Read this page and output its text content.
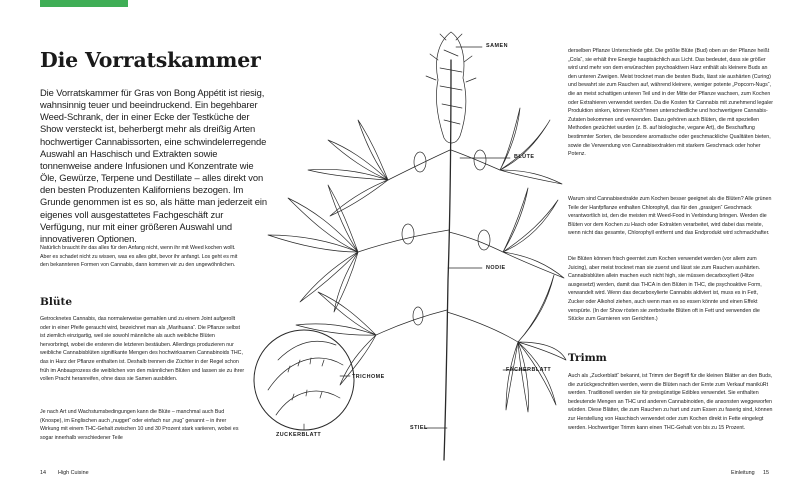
Die Vorratskammer

Die Vorratskammer für Gras von Bong Appétit ist riesig, wahnsinnig teuer und beeindruckend. Ein begehbarer Weed-Schrank, der in einer Ecke der Testküche der Show versteckt ist, beherbergt mehr als dreißig Arten hochwertiger Cannabissorten, eine schwindelerregende Auswahl an Haschisch und Extrakten sowie tonnenweise andere Infusionen und Konzentrate wie Öle, Gewürze, Terpene und Destillate – alles direkt von den besten Produzenten Kaliforniens bezogen. Im Grunde genommen ist es so, als hätte man jederzeit ein eigenes voll ausgestattetes Fachgeschäft zur Verfügung, nur mit einer größeren Auswahl und innovativeren Optionen.

Natürlich braucht ihr das alles für den Anfang nicht, wenn ihr mit Weed kochen wollt. Aber es schadet nicht zu wissen, was es alles gibt, bevor ihr anfangt. Los geht es mit den bekannteren Formen von Cannabis, dann kommen wir zu den ungewöhnlichen.

Blüte

Getrocknetes Cannabis, das normalerweise gemahlen und zu einem Joint aufgerollt oder in einer Pfeife geraucht wird, bezeichnet man als „Marihuana“. Die Pflanze selbst ist ziemlich einzigartig, weil sie sowohl männliche als auch weibliche Blüten hervorbringt, wobei die ersteren die letzteren bestäuben. Allerdings produzieren nur weibliche Cannabisblüten signifikante Mengen des hochwirksamen Cannabinoids THC, das in Harz der Pflanze enthalten ist. Deshalb trennen die Züchter in der Regel schon früh im Anbauprozess die weiblichen von den männlichen Blüten und lassen sie zu ihrer vollen Pracht heranreifen, ohne dass sie Samen ausbilden.

Je nach Art und Wachstumsbedingungen kann die Blüte – manchmal auch Bud (Knospe), im Englischen auch „nugget“ oder einfach nur „nug“ genannt – in ihrer Wirkung mit einem THC-Gehalt zwischen 10 und 30 Prozent stark variieren, wobei es sogar innerhalb verschiedener Teile

SAMEN
BLÜTE
NODIE
FÄCHERBLATT
TRICHOME
ZUCKERBLATT
STIEL

derselben Pflanze Unterschiede gibt. Die größte Blüte (Bud) oben an der Pflanze heißt „Cola“, sie erhält ihre Energie hauptsächlich aus Licht. Das bedeutet, dass sie größer wird und mehr von dem erwünschten psychoaktiven Harz enthält als kleinere Buds an den unteren Zweigen. Meist trocknet man die besten Buds, lässt sie aushärten (Curing) und bewahrt sie zum Rauchen auf, während kleinere, weniger potente „Popcorn-Nugs“, die an meist schattigen unteren Teil und in der Mitte der Pflanze wachsen, zum Kochen oder Extrahieren verwendet werden. Da die Kosten für Cannabis mit zunehmend legaler Produktion sinken, können Köch*innen unterschiedliche und hochwertigere Cannabis-Zutaten bekommen und verwenden. Dazu gehören auch Blüten, die mit speziellen Methoden gezüchtet wurden (z. B. auf biologische, vegane Art), die Beschaffung bestimmter Sorten, die besondere aromatische oder geschmackliche Qualitäten bieten, sowie die Verwendung von Cannabisextrakten mit starkem Geschmack oder hoher Potenz.

Warum sind Cannabisextrakte zum Kochen besser geeignet als die Blüten? Alle grünen Teile der Hanfpflanze enthalten Chlorophyll, das für den „grasigen“ Geschmack verantwortlich ist, den die meisten mit Weed-Food in Verbindung bringen. Werden die Blüten vor dem Kochen zu Hasch oder Extrakten verarbeitet, wird dabei das meiste, wenn nicht das gesamte, Chlorophyll entfernt und das Endprodukt wird schmackhafter.

Die Blüten können frisch geerntet zum Kochen verwendet werden (vor allem zum Juicing), aber meist trocknet man sie zuerst und lässt sie zum Rauchen aushärten. Cannabisblüten allein machen euch nicht high, sie müssen decarboxyliert (Hitze ausgesetzt) werden, damit das THCA in den Blüten in THC, die psychoaktive Form, verwandelt wird. Wenn das decarboxylierte Cannabis aktiviert ist, muss es in Fett, Zucker oder Alkohol ziehen, auch wenn man es so essen könnte und einen Effekt verspürte. (In der Show rösten sie zerbröselte Blüten oft in Fett und verwenden die Stücke zum Garnieren von Gerichten.)

Trimm

Auch als „Zuckerblatt“ bekannt, ist Trimm der Begriff für die kleinen Blätter an den Buds, die zurückgeschnitten werden, wenn die Blüten nach der Ernte zum Verkauf maniküRt werden. Traditionell werden sie für preisgünstige Edibles verwendet. Sie enthalten bedeutende Mengen an THC und anderen Cannabinoiden, die ansonsten weggeworfen würden. Diese Blätter, die zum Rauchen zu hart und zum Essen zu faserig sind, können zur Herstellung von Haschisch verwendet oder zum Kochen direkt in Fette eingelegt werden. Hochwertiger Trimm kann einen THC-Gehalt von bis zu 15 Prozent.

14 High Cuisine	Einleitung 15
